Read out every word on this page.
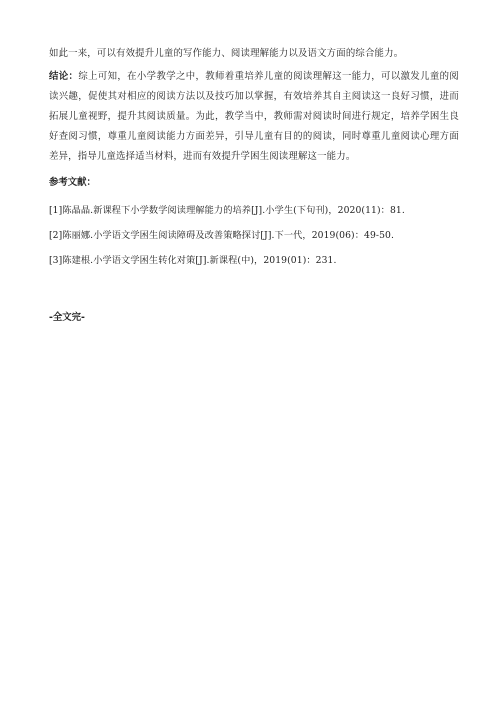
如此一来，可以有效提升儿童的写作能力、阅读理解能力以及语文方面的综合能力。

结论：综上可知，在小学教学之中，教师着重培养儿童的阅读理解这一能力，可以激发儿童的阅读兴趣，促使其对相应的阅读方法以及技巧加以掌握，有效培养其自主阅读这一良好习惯，进而拓展儿童视野，提升其阅读质量。为此，教学当中，教师需对阅读时间进行规定，培养学困生良好查阅习惯，尊重儿童阅读能力方面差异，引导儿童有目的的阅读，同时尊重儿童阅读心理方面差异，指导儿童选择适当材料，进而有效提升学困生阅读理解这一能力。

参考文献：

[1]陈晶晶.新课程下小学数学阅读理解能力的培养[J].小学生(下旬刊)，2020(11)：81.

[2]陈丽娜.小学语文学困生阅读障碍及改善策略探讨[J].下一代，2019(06)：49-50.

[3]陈建根.小学语文学困生转化对策[J].新课程(中)，2019(01)：231.

-全文完-
